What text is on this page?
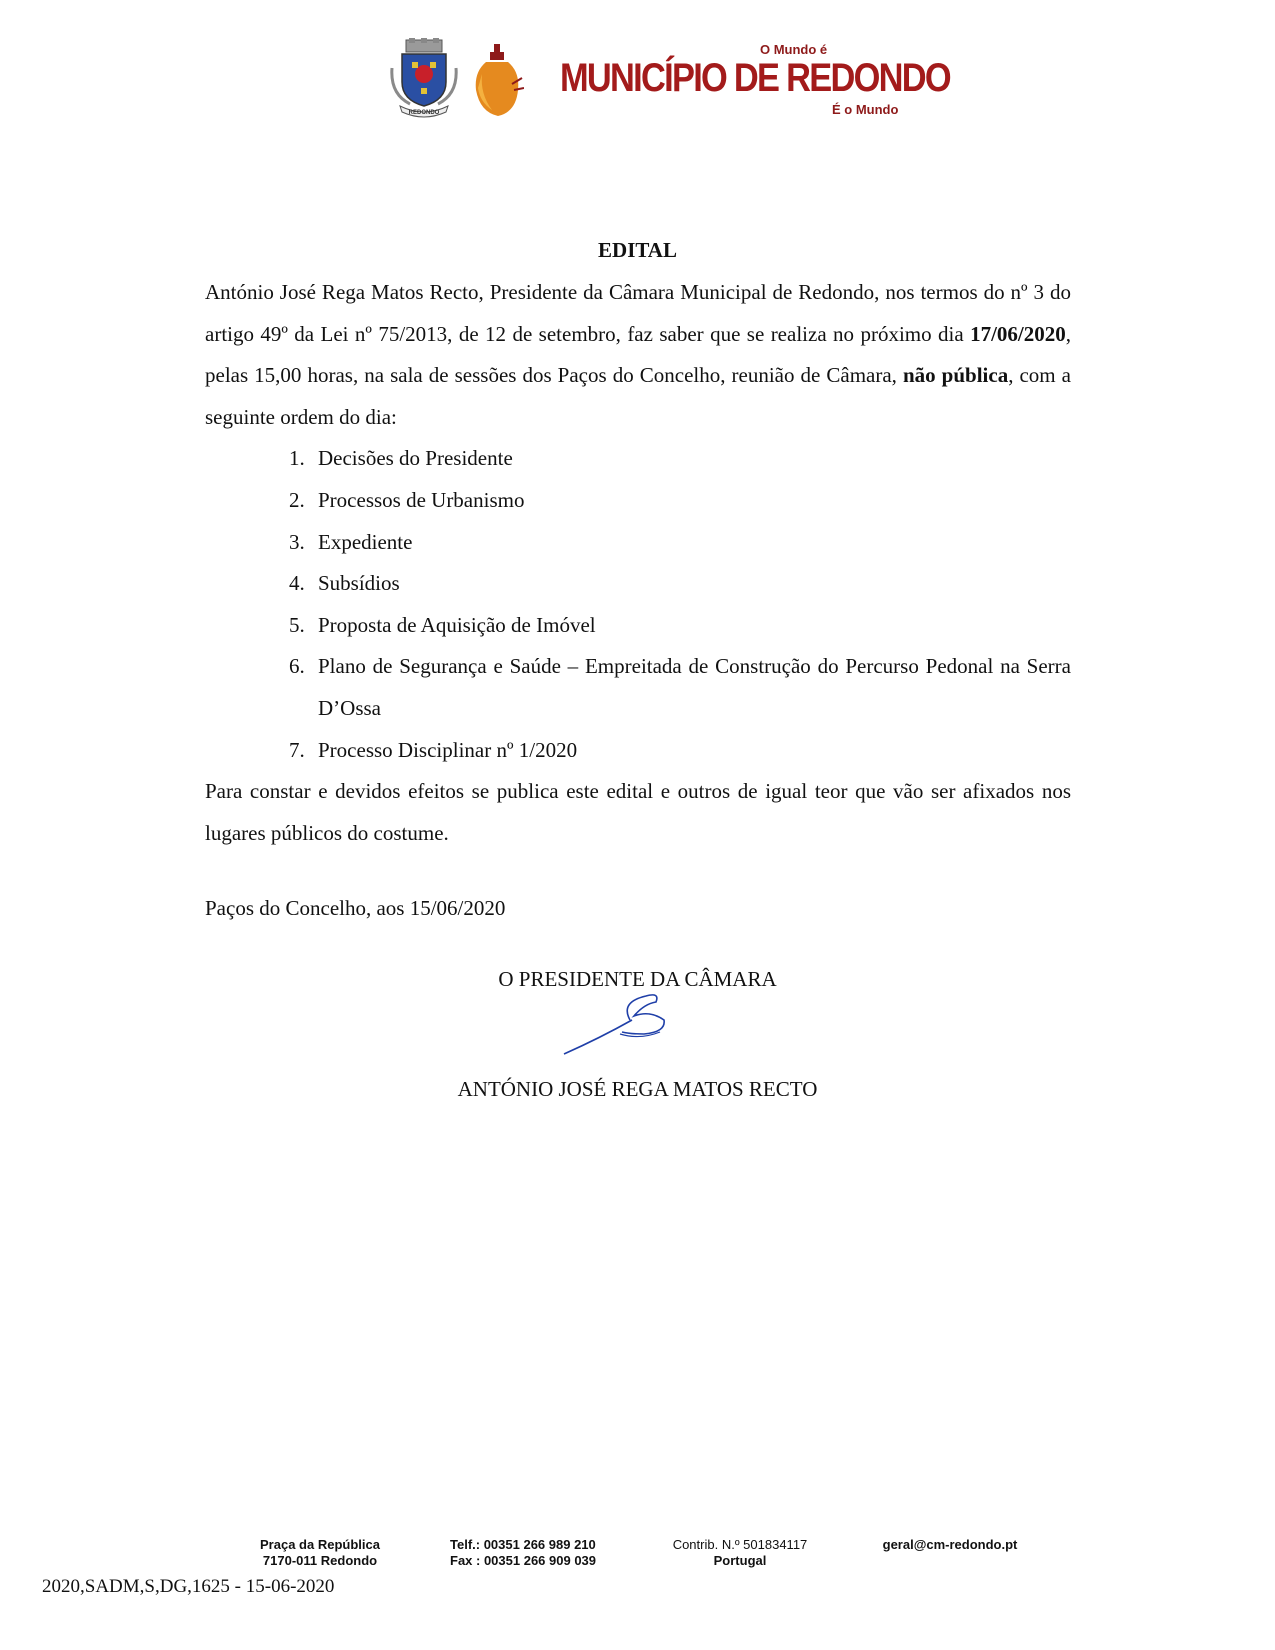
REDONDO
O Mundo é
MUNICÍPIO DE REDONDO
É o Mundo
EDITAL

António José Rega Matos Recto, Presidente da Câmara Municipal de Redondo, nos termos do nº 3 do artigo 49º da Lei nº 75/2013, de 12 de setembro, faz saber que se realiza no próximo dia 17/06/2020, pelas 15,00 horas, na sala de sessões dos Paços do Concelho, reunião de Câmara, não pública, com a seguinte ordem do dia:

1. Decisões do Presidente
2. Processos de Urbanismo
3. Expediente
4. Subsídios
5. Proposta de Aquisição de Imóvel
6. Plano de Segurança e Saúde – Empreitada de Construção do Percurso Pedonal na Serra D’Ossa
7. Processo Disciplinar nº 1/2020

Para constar e devidos efeitos se publica este edital e outros de igual teor que vão ser afixados nos lugares públicos do costume.

Paços do Concelho, aos 15/06/2020
O PRESIDENTE DA CÂMARA
ANTÓNIO JOSÉ REGA MATOS RECTO
Praça da República
7170-011 Redondo
Telf.: 00351 266 989 210
Fax : 00351 266 909 039
Contrib. N.º 501834117
Portugal
geral@cm-redondo.pt
2020,SADM,S,DG,1625 - 15-06-2020
